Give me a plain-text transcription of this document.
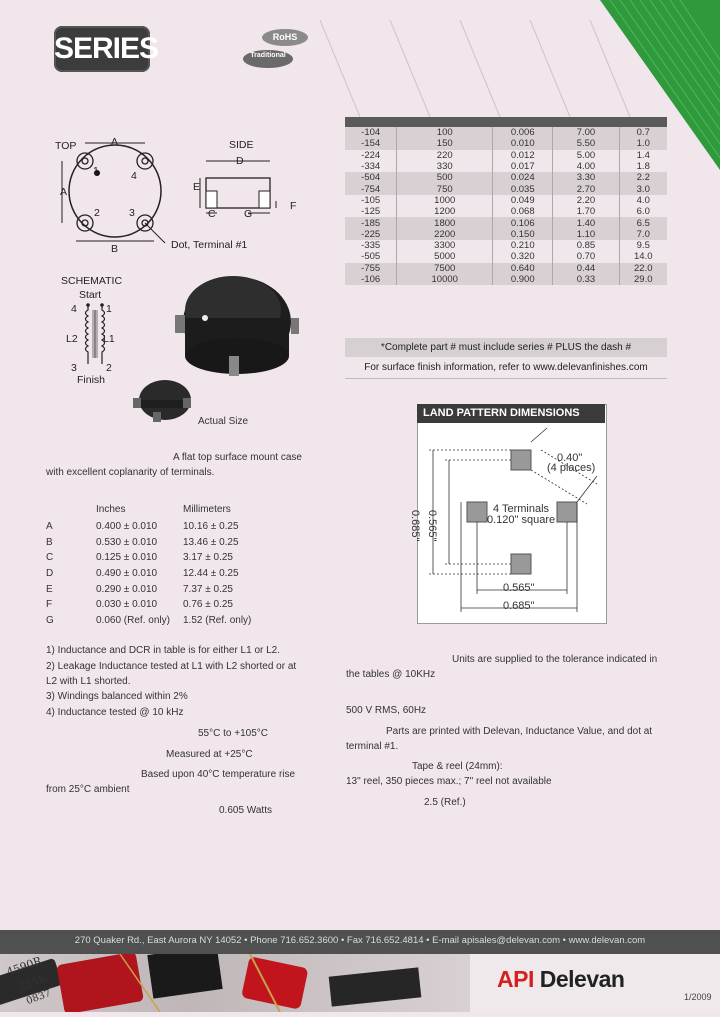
SERIES	RoHS
Traditional
TOP	A
A
B
1	4
2	3
Dot, Terminal #1
SIDE
D
E
C	G
F
SCHEMATIC
Start
4	1
L2 L1
3	2
Finish
Actual Size
-104	100	0.006	7.00	0.7
-154	150	0.010	5.50	1.0
-224	220	0.012	5.00	1.4
-334	330	0.017	4.00	1.8
-504	500	0.024	3.30	2.2
-754	750	0.035	2.70	3.0
-105	1000	0.049	2.20	4.0
-125	1200	0.068	1.70	6.0
-185	1800	0.106	1.40	6.5
-225	2200	0.150	1.10	7.0
-335	3300	0.210	0.85	9.5
-505	5000	0.320	0.70	14.0
-755	7500	0.640	0.44	22.0
-106	10000	0.900	0.33	29.0
*Complete part # must include series # PLUS the dash #
For surface finish information, refer to www.delevanfinishes.com
LAND PATTERN DIMENSIONS
0.40"
(4 places)
4 Terminals
0.120" square
0.565"
0.685"
0.565"
0.685"
A flat top surface mount case
with excellent coplanarity of terminals.
Inches	Millimeters
A	0.400 ± 0.010	10.16 ± 0.25
B	0.530 ± 0.010	13.46 ± 0.25
C	0.125 ± 0.010	3.17 ± 0.25
D	0.490 ± 0.010	12.44 ± 0.25
E	0.290 ± 0.010	7.37 ± 0.25
F	0.030 ± 0.010	0.76 ± 0.25
G	0.060 (Ref. only)	1.52 (Ref. only)
1) Inductance and DCR in table is for either L1 or L2.
2) Leakage Inductance tested at L1 with L2 shorted or at
L2 with L1 shorted.
3) Windings balanced within 2%
4) Inductance tested @ 10 kHz
55°C to +105°C
Measured at +25°C
Based upon 40°C temperature rise
from 25°C ambient
0.605 Watts
Units are supplied to the tolerance indicated in
the tables @ 10KHz
500 V RMS, 60Hz
Parts are printed with Delevan, Inductance Value, and dot at
terminal #1.
Tape & reel (24mm):
13" reel, 350 pieces max.; 7" reel not available
2.5 (Ref.)
270 Quaker Rd., East Aurora NY 14052 • Phone 716.652.3600 • Fax 716.652.4814 • E-mail apisales@delevan.com • www.delevan.com
4590R
225K
0837
API Delevan
1/2009
